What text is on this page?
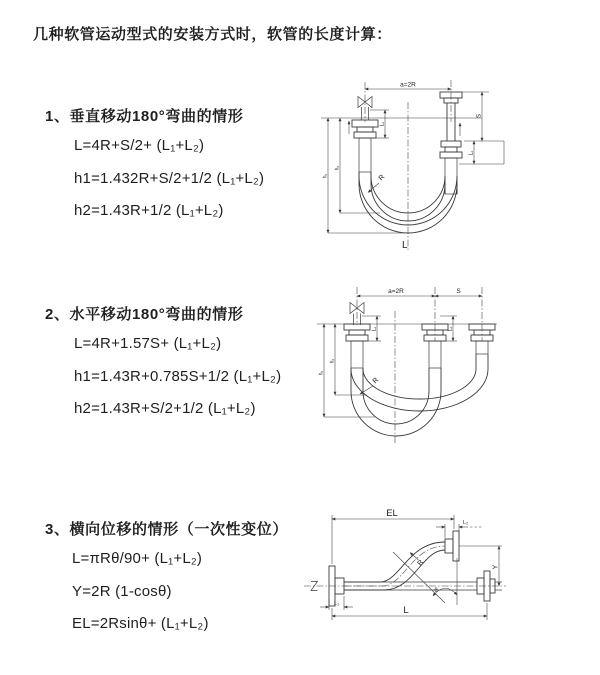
几种软管运动型式的安装方式时，软管的长度计算：
1、垂直移动180°弯曲的情形
L=4R+S/2+ (L₁+L₂)
h1=1.432R+S/2+1/2 (L₁+L₂)
h2=1.43R+1/2 (L₁+L₂)
2、水平移动180°弯曲的情形
L=4R+1.57S+ (L₁+L₂)
h1=1.43R+0.785S+1/2 (L₁+L₂)
h2=1.43R+S/2+1/2 (L₁+L₂)
3、横向位移的情形（一次性变位）
L=πRθ/90+ (L₁+L₂)
Y=2R (1-cosθ)
EL=2Rsinθ+ (L₁+L₂)
a=2R
L₁
S
L₂
h₂
h₁	R
L
a=2R	S
L₁	L₂
h₂
h₁
R
EL
L₂
Y
θ
R
L
L₁
